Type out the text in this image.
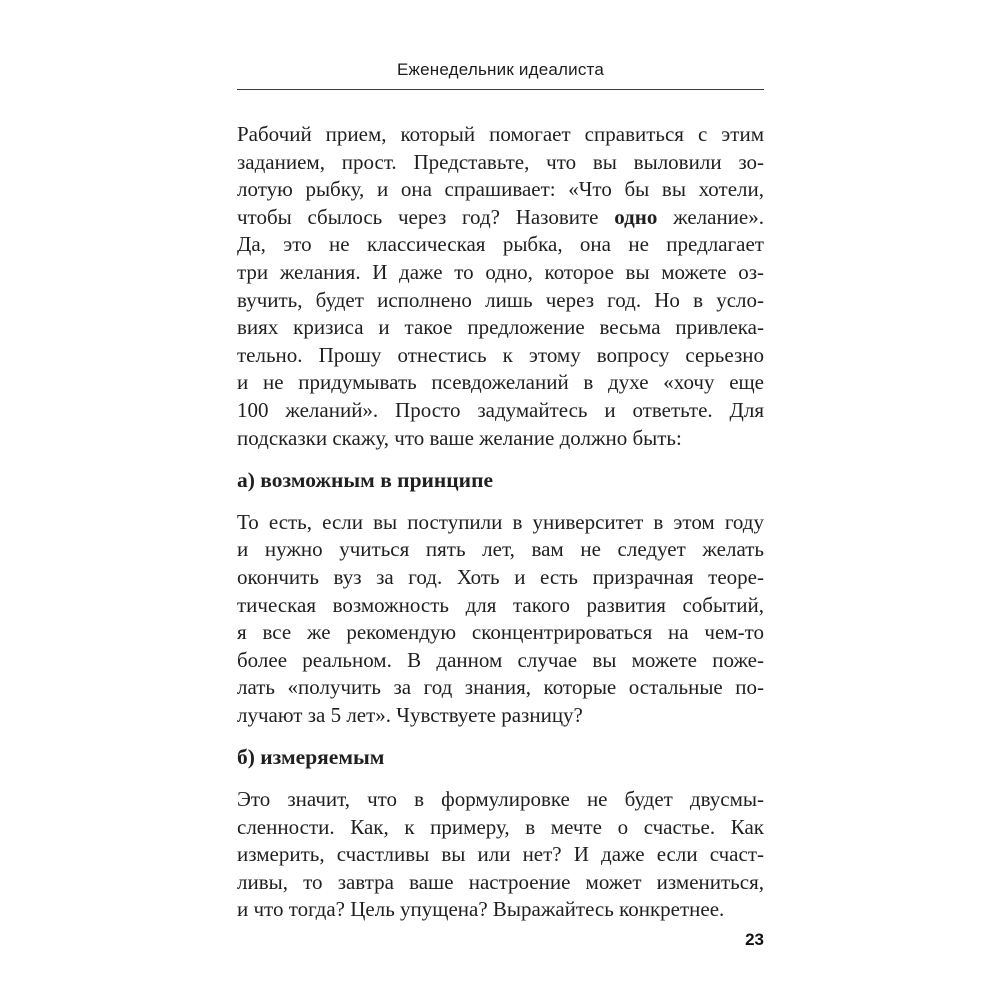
Еженедельник идеалиста
Рабочий прием, который помогает справиться с этим
заданием, прост. Представьте, что вы выловили зо-
лотую рыбку, и она спрашивает: «Что бы вы хотели,
чтобы сбылось через год? Назовите одно желание».
Да, это не классическая рыбка, она не предлагает
три желания. И даже то одно, которое вы можете оз-
вучить, будет исполнено лишь через год. Но в усло-
виях кризиса и такое предложение весьма привлека-
тельно. Прошу отнестись к этому вопросу серьезно
и не придумывать псевдожеланий в духе «хочу еще
100 желаний». Просто задумайтесь и ответьте. Для
подсказки скажу, что ваше желание должно быть:
а) возможным в принципе
То есть, если вы поступили в университет в этом году
и нужно учиться пять лет, вам не следует желать
окончить вуз за год. Хоть и есть призрачная теоре-
тическая возможность для такого развития событий,
я все же рекомендую сконцентрироваться на чем-то
более реальном. В данном случае вы можете поже-
лать «получить за год знания, которые остальные по-
лучают за 5 лет». Чувствуете разницу?
б) измеряемым
Это значит, что в формулировке не будет двусмы-
сленности. Как, к примеру, в мечте о счастье. Как
измерить, счастливы вы или нет? И даже если счаст-
ливы, то завтра ваше настроение может измениться,
и что тогда? Цель упущена? Выражайтесь конкретнее.
23
